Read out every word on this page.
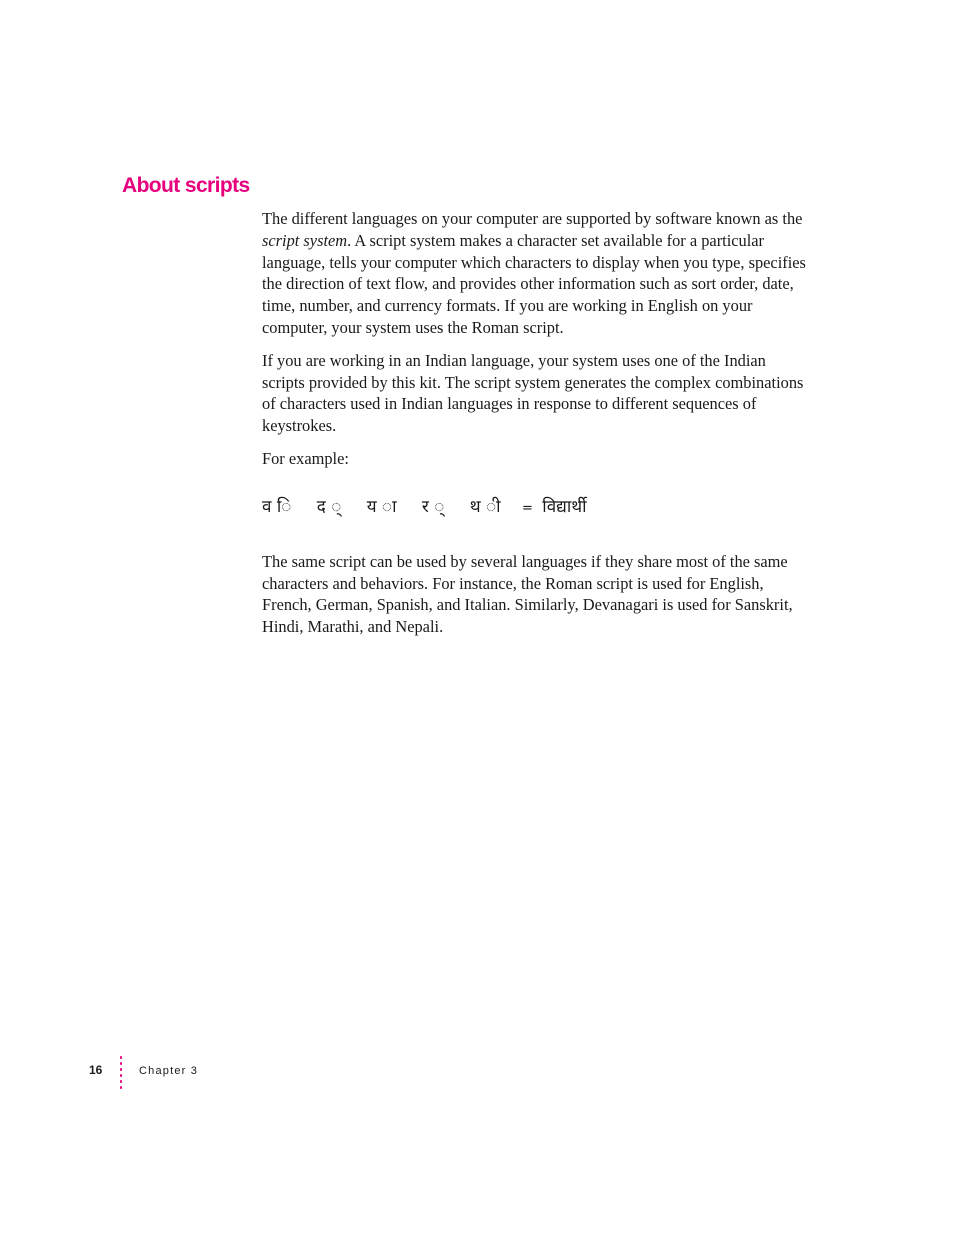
About scripts

The different languages on your computer are supported by software known as the script system. A script system makes a character set available for a particular language, tells your computer which characters to display when you type, specifies the direction of text flow, and provides other information such as sort order, date, time, number, and currency formats. If you are working in English on your computer, your system uses the Roman script.

If you are working in an Indian language, your system uses one of the Indian scripts provided by this kit. The script system generates the complex combinations of characters used in Indian languages in response to different sequences of keystrokes.

For example:

व ि द ् य ा र ् थ ी = विद्यार्थी

The same script can be used by several languages if they share most of the same characters and behaviors. For instance, the Roman script is used for English, French, German, Spanish, and Italian. Similarly, Devanagari is used for Sanskrit, Hindi, Marathi, and Nepali.

16	Chapter 3
